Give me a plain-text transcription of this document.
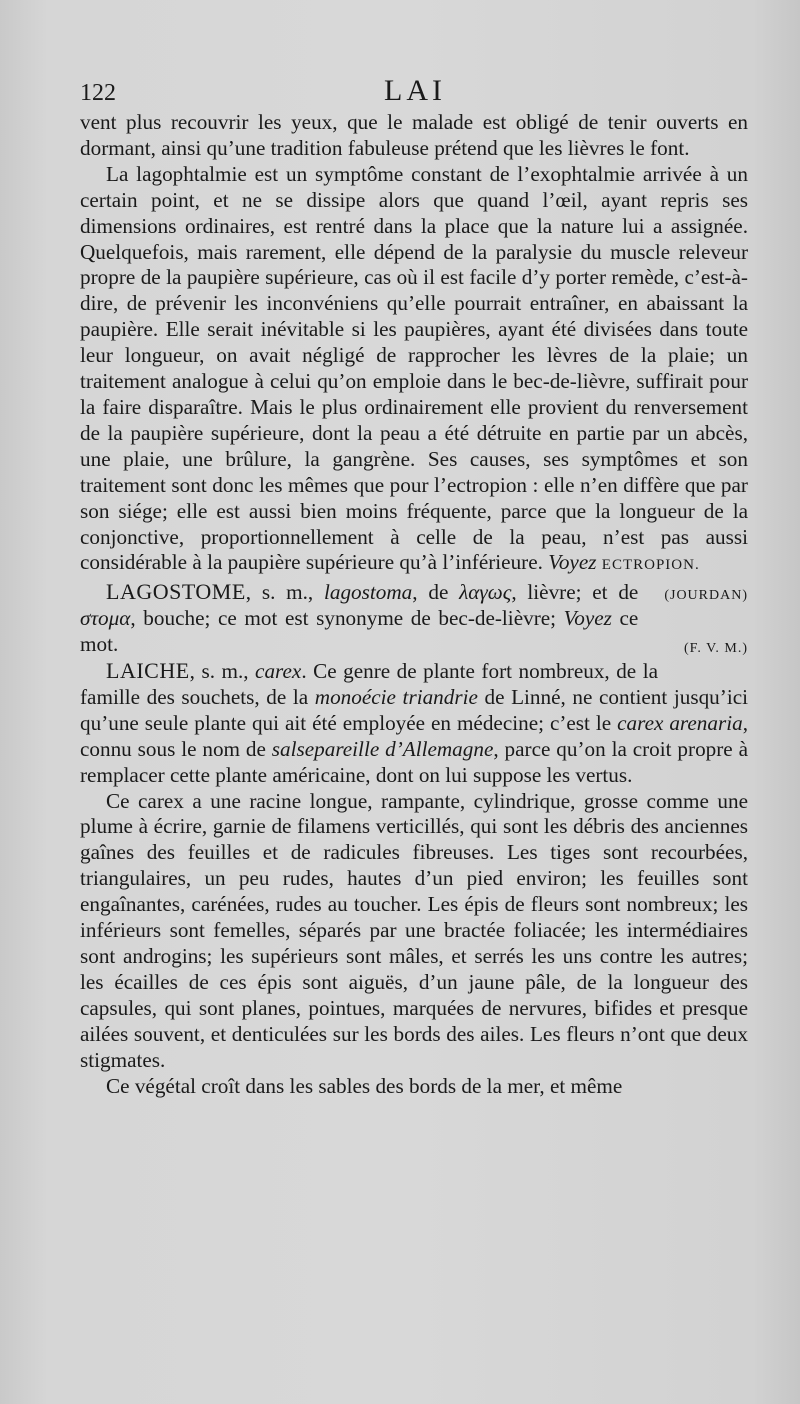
122	LAI

vent plus recouvrir les yeux, que le malade est obligé de tenir ouverts en dormant, ainsi qu’une tradition fabuleuse prétend que les lièvres le font.

La lagophtalmie est un symptôme constant de l’exophtalmie arrivée à un certain point, et ne se dissipe alors que quand l’œil, ayant repris ses dimensions ordinaires, est rentré dans la place que la nature lui a assignée. Quelquefois, mais rarement, elle dépend de la paralysie du muscle releveur propre de la paupière supérieure, cas où il est facile d’y porter remède, c’est-à-dire, de prévenir les inconvéniens qu’elle pourrait entraîner, en abaissant la paupière. Elle serait inévitable si les paupières, ayant été divisées dans toute leur longueur, on avait négligé de rapprocher les lèvres de la plaie; un traitement analogue à celui qu’on emploie dans le bec-de-lièvre, suffirait pour la faire disparaître. Mais le plus ordinairement elle provient du renversement de la paupière supérieure, dont la peau a été détruite en partie par un abcès, une plaie, une brûlure, la gangrène. Ses causes, ses symptômes et son traitement sont donc les mêmes que pour l’ectropion : elle n’en diffère que par son siége; elle est aussi bien moins fréquente, parce que la longueur de la conjonctive, proportionnellement à celle de la peau, n’est pas aussi considérable à la paupière supérieure qu’à l’inférieure. Voyez ECTROPION.
(JOURDAN)

LAGOSTOME, s. m., lagostoma, de λαγως, lièvre; et de στομα, bouche; ce mot est synonyme de bec-de-lièvre; Voyez ce mot.	(F. V. M.)

LAICHE, s. m., carex. Ce genre de plante fort nombreux, de la famille des souchets, de la monoécie triandrie de Linné, ne contient jusqu’ici qu’une seule plante qui ait été employée en médecine; c’est le carex arenaria, connu sous le nom de salsepareille d’Allemagne, parce qu’on la croit propre à remplacer cette plante américaine, dont on lui suppose les vertus.

Ce carex a une racine longue, rampante, cylindrique, grosse comme une plume à écrire, garnie de filamens verticillés, qui sont les débris des anciennes gaînes des feuilles et de radicules fibreuses. Les tiges sont recourbées, triangulaires, un peu rudes, hautes d’un pied environ; les feuilles sont engaînantes, carénées, rudes au toucher. Les épis de fleurs sont nombreux; les inférieurs sont femelles, séparés par une bractée foliacée; les intermédiaires sont androgins; les supérieurs sont mâles, et serrés les uns contre les autres; les écailles de ces épis sont aiguës, d’un jaune pâle, de la longueur des capsules, qui sont planes, pointues, marquées de nervures, bifides et presque ailées souvent, et denticulées sur les bords des ailes. Les fleurs n’ont que deux stigmates.

Ce végétal croît dans les sables des bords de la mer, et même
